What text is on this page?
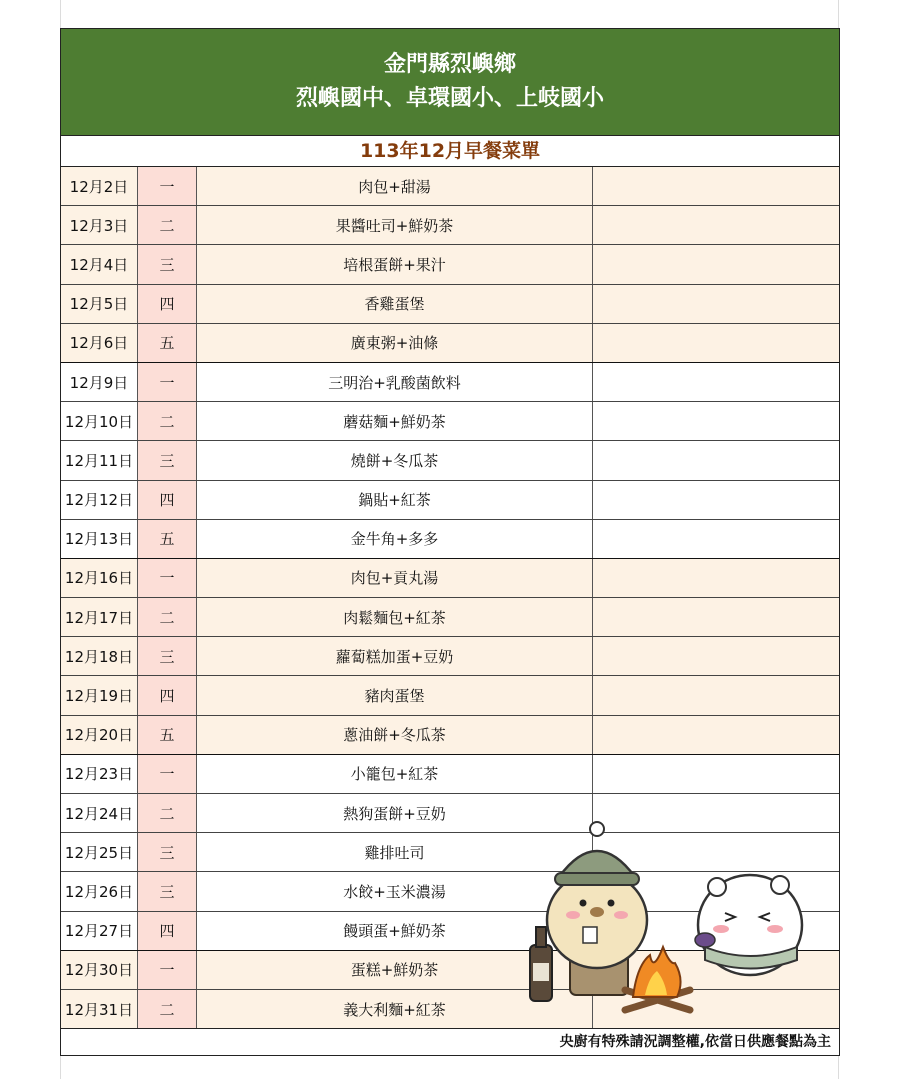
金門縣烈嶼鄉
烈嶼國中、卓環國小、上岐國小
113年12月早餐菜單
12月2日	一	肉包+甜湯
12月3日	二	果醬吐司+鮮奶茶
12月4日	三	培根蛋餅+果汁
12月5日	四	香雞蛋堡
12月6日	五	廣東粥+油條
12月9日	一	三明治+乳酸菌飲料
12月10日	二	蘑菇麵+鮮奶茶
12月11日	三	燒餅+冬瓜茶
12月12日	四	鍋貼+紅茶
12月13日	五	金牛角+多多
12月16日	一	肉包+貢丸湯
12月17日	二	肉鬆麵包+紅茶
12月18日	三	蘿蔔糕加蛋+豆奶
12月19日	四	豬肉蛋堡
12月20日	五	蔥油餅+冬瓜茶
12月23日	一	小籠包+紅茶
12月24日	二	熱狗蛋餅+豆奶
12月25日	三	雞排吐司
12月26日	三	水餃+玉米濃湯
12月27日	四	饅頭蛋+鮮奶茶
12月30日	一	蛋糕+鮮奶茶
12月31日	二	義大利麵+紅茶
央廚有特殊請況調整權,依當日供應餐點為主
